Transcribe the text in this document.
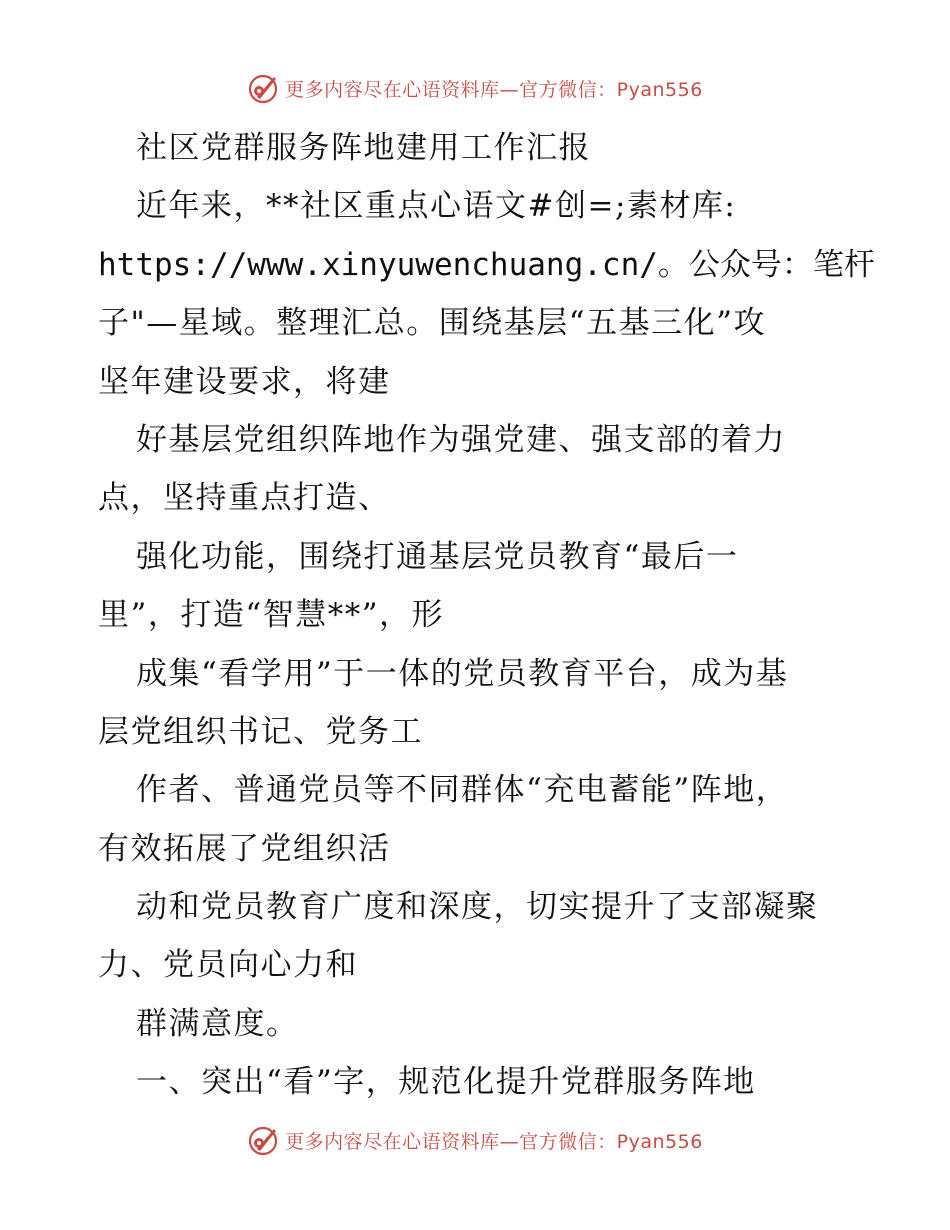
更多内容尽在心语资料库—官方微信：Pyan556
社区党群服务阵地建用工作汇报
近年来，**社区重点心语文#创=;素材库:
https://www.xinyuwenchuang.cn/。公众号：笔杆
子"—星域。整理汇总。围绕基层“五基三化”攻
坚年建设要求，将建
好基层党组织阵地作为强党建、强支部的着力
点，坚持重点打造、
强化功能，围绕打通基层党员教育“最后一
里”，打造“智慧**”，形
成集“看学用”于一体的党员教育平台，成为基
层党组织书记、党务工
作者、普通党员等不同群体“充电蓄能”阵地，
有效拓展了党组织活
动和党员教育广度和深度，切实提升了支部凝聚
力、党员向心力和
群满意度。
一、突出“看”字，规范化提升党群服务阵地
更多内容尽在心语资料库—官方微信：Pyan556
